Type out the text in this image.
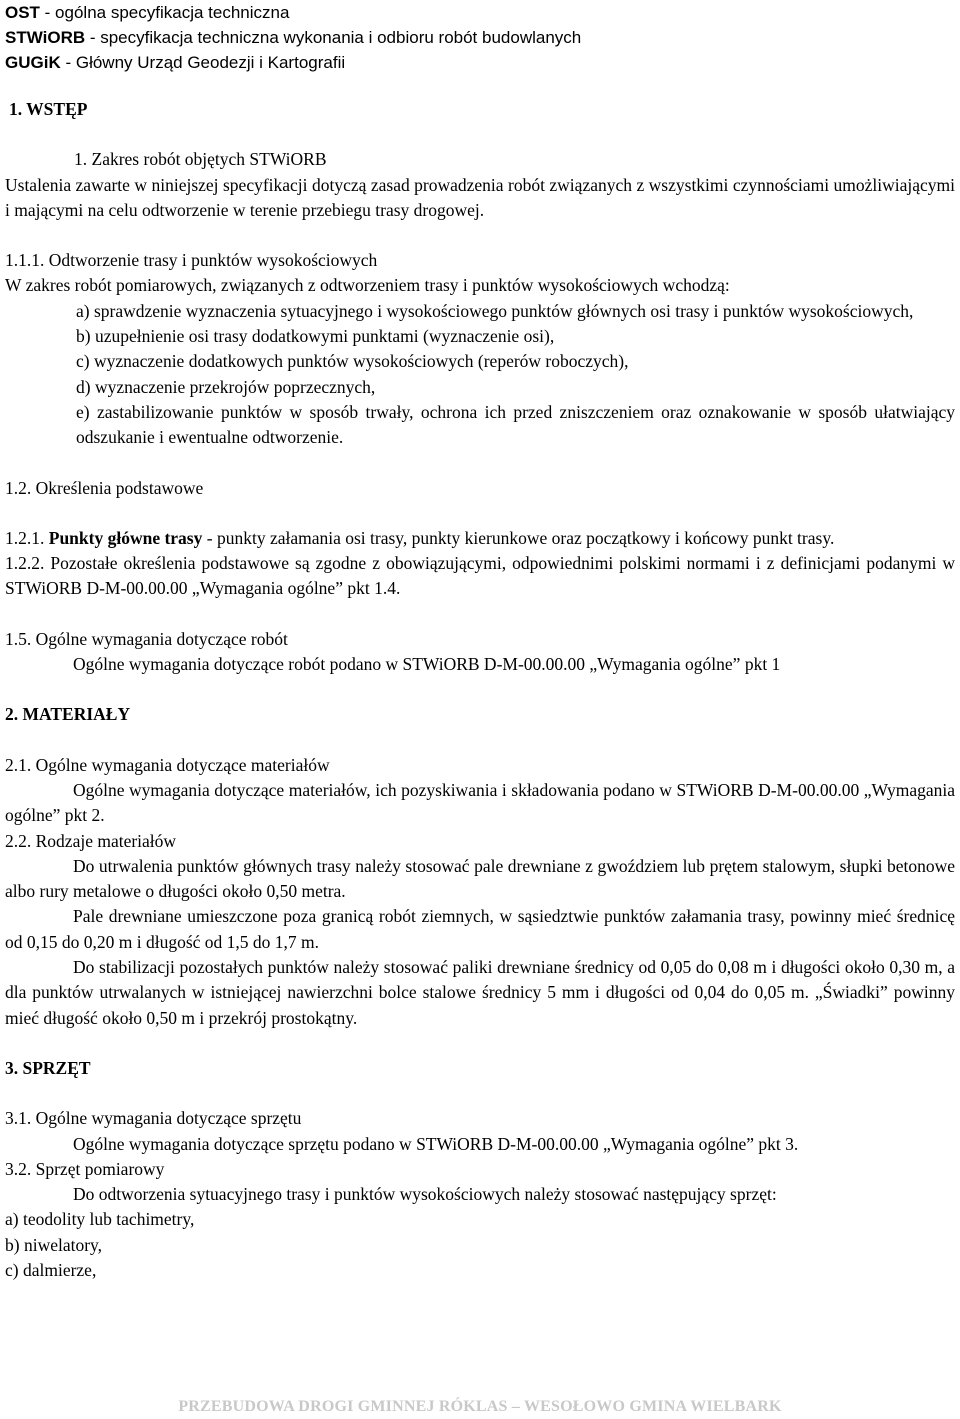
OST - ogólna specyfikacja techniczna
STWiORB - specyfikacja techniczna wykonania i odbioru robót budowlanych
GUGiK - Główny Urząd Geodezji i Kartografii

1. WSTĘP

1. Zakres robót objętych STWiORB

Ustalenia zawarte w niniejszej specyfikacji dotyczą zasad prowadzenia robót związanych z wszystkimi czynnościami umożliwiającymi i mającymi na celu odtworzenie w terenie przebiegu trasy drogowej.

1.1.1. Odtworzenie trasy i punktów wysokościowych

W zakres robót pomiarowych, związanych z odtworzeniem trasy i punktów wysokościowych wchodzą:

a) sprawdzenie wyznaczenia sytuacyjnego i wysokościowego punktów głównych osi trasy i punktów wysokościowych,

b) uzupełnienie osi trasy dodatkowymi punktami (wyznaczenie osi),

c) wyznaczenie dodatkowych punktów wysokościowych (reperów roboczych),

d) wyznaczenie przekrojów poprzecznych,

e) zastabilizowanie punktów w sposób trwały, ochrona ich przed zniszczeniem oraz oznakowanie w sposób ułatwiający odszukanie i ewentualne odtworzenie.

1.2. Określenia podstawowe

1.2.1. Punkty główne trasy - punkty załamania osi trasy, punkty kierunkowe oraz początkowy i końcowy punkt trasy.

1.2.2. Pozostałe określenia podstawowe są zgodne z obowiązującymi, odpowiednimi polskimi normami i z definicjami podanymi w STWiORB D-M-00.00.00 „Wymagania ogólne” pkt 1.4.

1.5. Ogólne wymagania dotyczące robót

Ogólne wymagania dotyczące robót podano w STWiORB D-M-00.00.00 „Wymagania ogólne” pkt 1

2. MATERIAŁY

2.1. Ogólne wymagania dotyczące materiałów

Ogólne wymagania dotyczące materiałów, ich pozyskiwania i składowania podano w STWiORB D-M-00.00.00 „Wymagania ogólne” pkt 2.

2.2. Rodzaje materiałów

Do utrwalenia punktów głównych trasy należy stosować pale drewniane z gwoździem lub prętem stalowym, słupki betonowe albo rury metalowe o długości około 0,50 metra.

Pale drewniane umieszczone poza granicą robót ziemnych, w sąsiedztwie punktów załamania trasy, powinny mieć średnicę od 0,15 do 0,20 m i długość od 1,5 do 1,7 m.

Do stabilizacji pozostałych punktów należy stosować paliki drewniane średnicy od 0,05 do 0,08 m i długości około 0,30 m, a dla punktów utrwalanych w istniejącej nawierzchni bolce stalowe średnicy 5 mm i długości od 0,04 do 0,05 m. „Świadki” powinny mieć długość około 0,50 m i przekrój prostokątny.

3. SPRZĘT

3.1. Ogólne wymagania dotyczące sprzętu

Ogólne wymagania dotyczące sprzętu podano w STWiORB D-M-00.00.00 „Wymagania ogólne” pkt 3.

3.2. Sprzęt pomiarowy

Do odtworzenia sytuacyjnego trasy i punktów wysokościowych należy stosować następujący sprzęt:

a) teodolity lub tachimetry,

b) niwelatory,

c) dalmierze,

PRZEBUDOWA DROGI GMINNEJ RÓKLAS – WESOŁOWO GMINA WIELBARK
